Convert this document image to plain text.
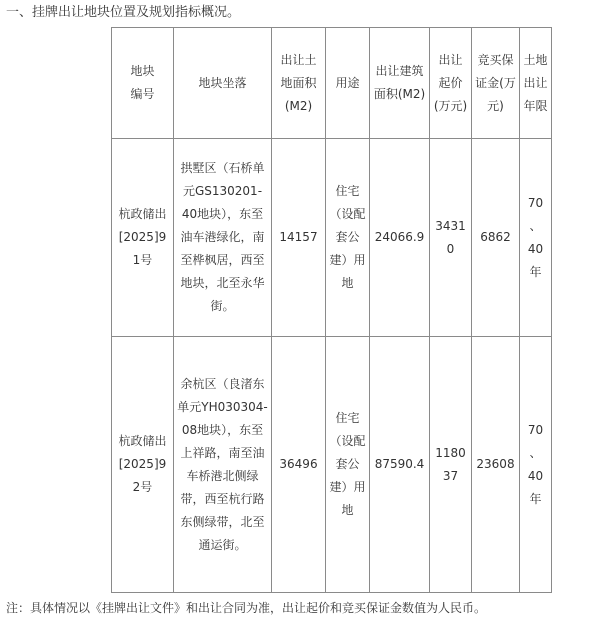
一、挂牌出让地块位置及规划指标概况。
地块编号	地块坐落	出让土地面积(M2)	用途	出让建筑面积(M2)	出让起价(万元)	竞买保证金(万元)	土地出让年限

杭政储出[2025]91号	拱墅区（石桥单元GS130201-40地块），东至油车港绿化，南至桦枫居，西至地块，北至永华街。	14157	住宅（设配套公建）用地	24066.9	34310	6862	70、40年

杭政储出[2025]92号	余杭区（良渚东单元YH030304-08地块），东至上祥路，南至油车桥港北侧绿带，西至杭行路东侧绿带，北至通运街。	36496	住宅（设配套公建）用地	87590.4	118037	23608	70、40年
注：具体情况以《挂牌出让文件》和出让合同为准，出让起价和竞买保证金数值为人民币。
